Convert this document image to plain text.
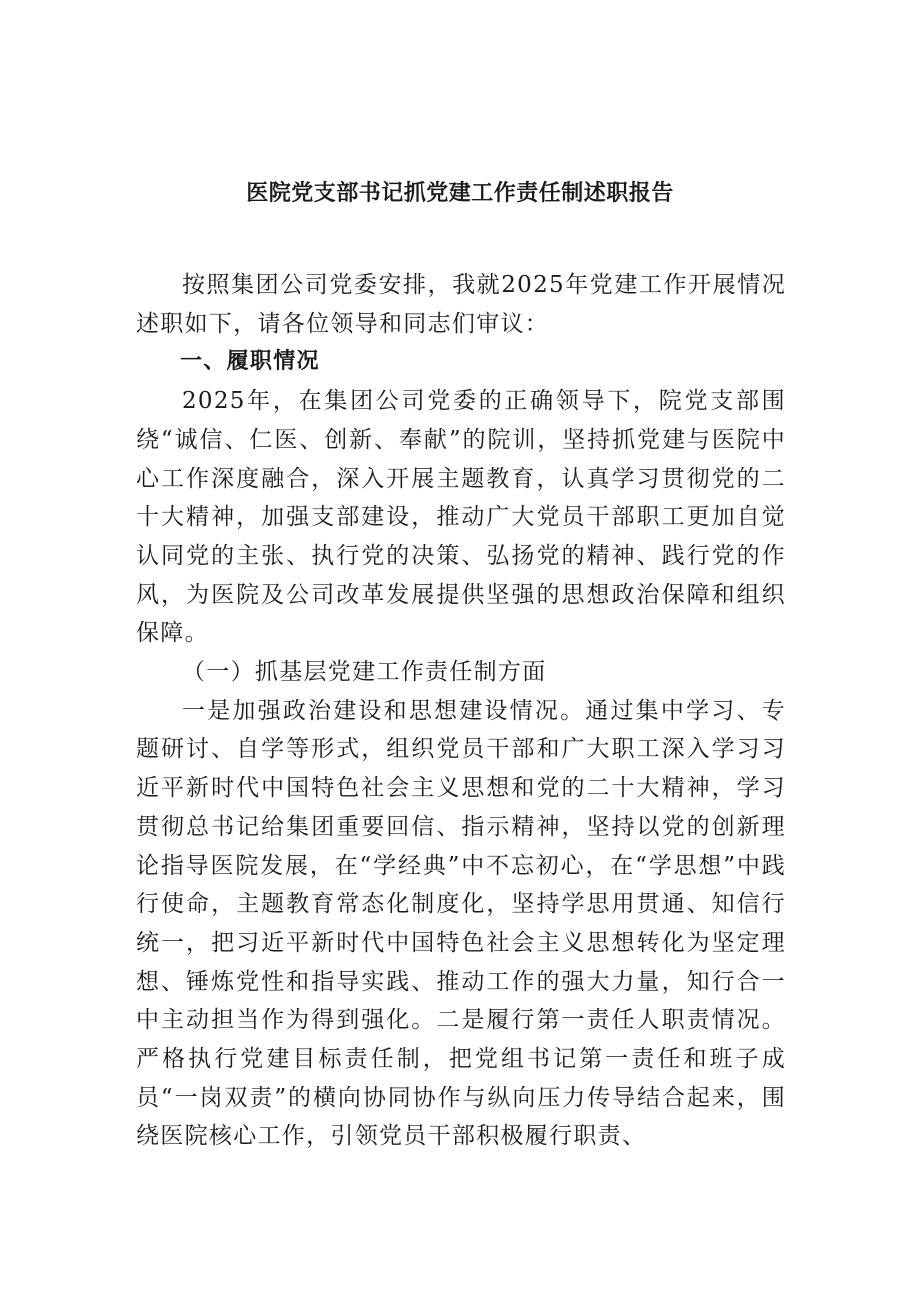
医院党支部书记抓党建工作责任制述职报告

按照集团公司党委安排，我就2025年党建工作开展情况述职如下，请各位领导和同志们审议：

一、履职情况

2025年，在集团公司党委的正确领导下，院党支部围绕“诚信、仁医、创新、奉献”的院训，坚持抓党建与医院中心工作深度融合，深入开展主题教育，认真学习贯彻党的二十大精神，加强支部建设，推动广大党员干部职工更加自觉认同党的主张、执行党的决策、弘扬党的精神、践行党的作风，为医院及公司改革发展提供坚强的思想政治保障和组织保障。

（一）抓基层党建工作责任制方面

一是加强政治建设和思想建设情况。通过集中学习、专题研讨、自学等形式，组织党员干部和广大职工深入学习习近平新时代中国特色社会主义思想和党的二十大精神，学习贯彻总书记给集团重要回信、指示精神，坚持以党的创新理论指导医院发展，在“学经典”中不忘初心，在“学思想”中践行使命，主题教育常态化制度化，坚持学思用贯通、知信行统一，把习近平新时代中国特色社会主义思想转化为坚定理想、锤炼党性和指导实践、推动工作的强大力量，知行合一中主动担当作为得到强化。二是履行第一责任人职责情况。严格执行党建目标责任制，把党组书记第一责任和班子成员“一岗双责”的横向协同协作与纵向压力传导结合起来，围绕医院核心工作，引领党员干部积极履行职责、
